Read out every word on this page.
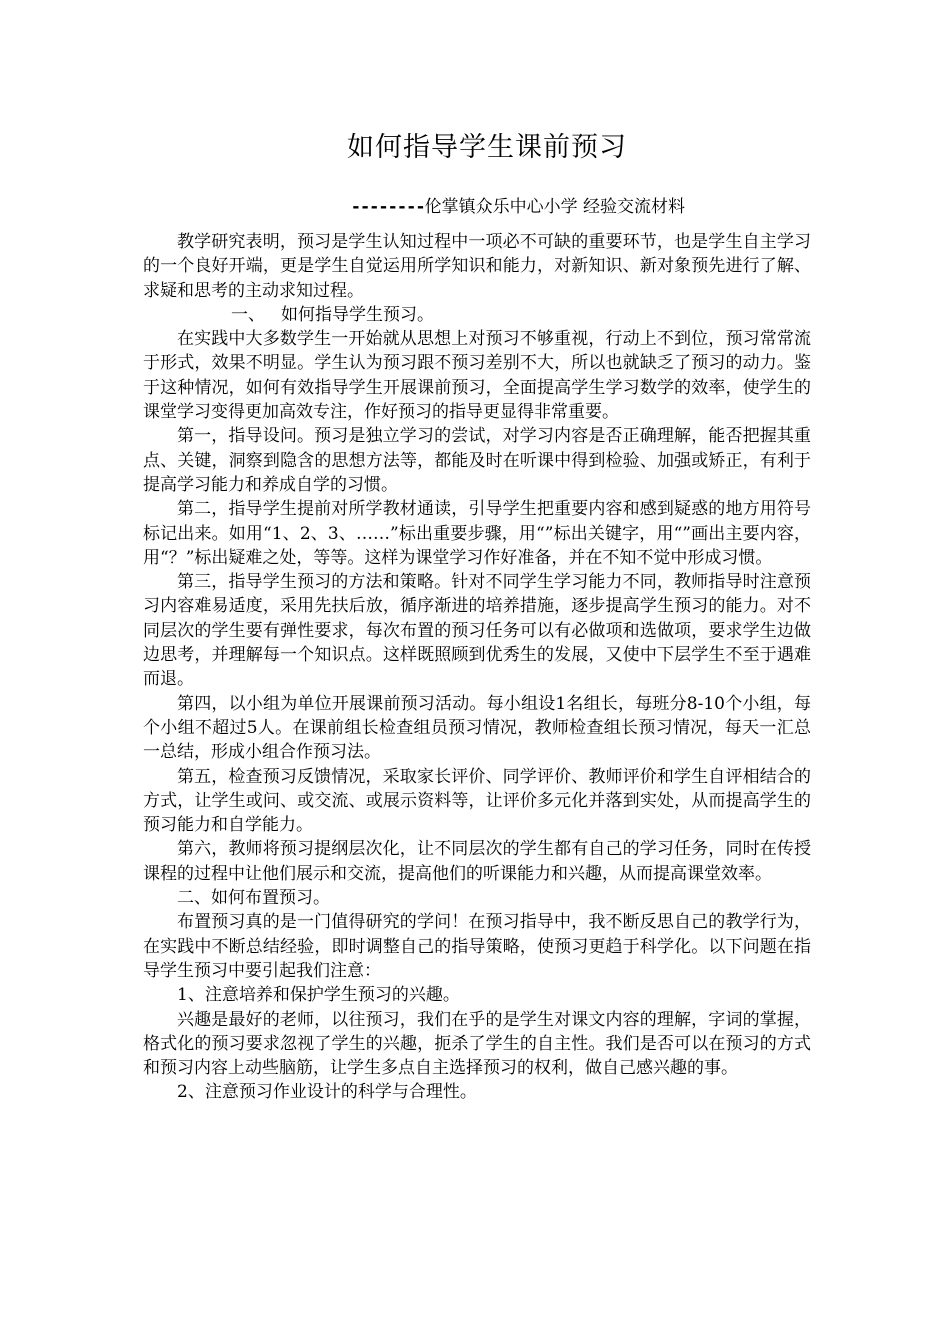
如何指导学生课前预习
--------伦掌镇众乐中心小学 经验交流材料

教学研究表明，预习是学生认知过程中一项必不可缺的重要环节，也是学生自主学习的一个良好开端，更是学生自觉运用所学知识和能力，对新知识、新对象预先进行了解、求疑和思考的主动求知过程。

一、 如何指导学生预习。

在实践中大多数学生一开始就从思想上对预习不够重视，行动上不到位，预习常常流于形式，效果不明显。学生认为预习跟不预习差别不大，所以也就缺乏了预习的动力。鉴于这种情况，如何有效指导学生开展课前预习，全面提高学生学习数学的效率，使学生的课堂学习变得更加高效专注，作好预习的指导更显得非常重要。

第一，指导设问。预习是独立学习的尝试，对学习内容是否正确理解，能否把握其重点、关键，洞察到隐含的思想方法等，都能及时在听课中得到检验、加强或矫正，有利于提高学习能力和养成自学的习惯。

第二，指导学生提前对所学教材通读，引导学生把重要内容和感到疑惑的地方用符号标记出来。如用“1、2、3、……”标出重要步骤，用“”标出关键字，用“”画出主要内容，用“？”标出疑难之处，等等。这样为课堂学习作好准备，并在不知不觉中形成习惯。

第三，指导学生预习的方法和策略。针对不同学生学习能力不同，教师指导时注意预习内容难易适度，采用先扶后放，循序渐进的培养措施，逐步提高学生预习的能力。对不同层次的学生要有弹性要求，每次布置的预习任务可以有必做项和选做项，要求学生边做边思考，并理解每一个知识点。这样既照顾到优秀生的发展，又使中下层学生不至于遇难而退。

第四，以小组为单位开展课前预习活动。每小组设1名组长，每班分8-10个小组，每个小组不超过5人。在课前组长检查组员预习情况，教师检查组长预习情况，每天一汇总一总结，形成小组合作预习法。

第五，检查预习反馈情况，采取家长评价、同学评价、教师评价和学生自评相结合的方式，让学生或问、或交流、或展示资料等，让评价多元化并落到实处，从而提高学生的预习能力和自学能力。

第六，教师将预习提纲层次化，让不同层次的学生都有自己的学习任务，同时在传授课程的过程中让他们展示和交流，提高他们的听课能力和兴趣，从而提高课堂效率。

二、如何布置预习。

布置预习真的是一门值得研究的学问！在预习指导中，我不断反思自己的教学行为，在实践中不断总结经验，即时调整自己的指导策略，使预习更趋于科学化。以下问题在指导学生预习中要引起我们注意：

1、注意培养和保护学生预习的兴趣。

兴趣是最好的老师，以往预习，我们在乎的是学生对课文内容的理解，字词的掌握，格式化的预习要求忽视了学生的兴趣，扼杀了学生的自主性。我们是否可以在预习的方式和预习内容上动些脑筋，让学生多点自主选择预习的权利，做自己感兴趣的事。

2、注意预习作业设计的科学与合理性。
